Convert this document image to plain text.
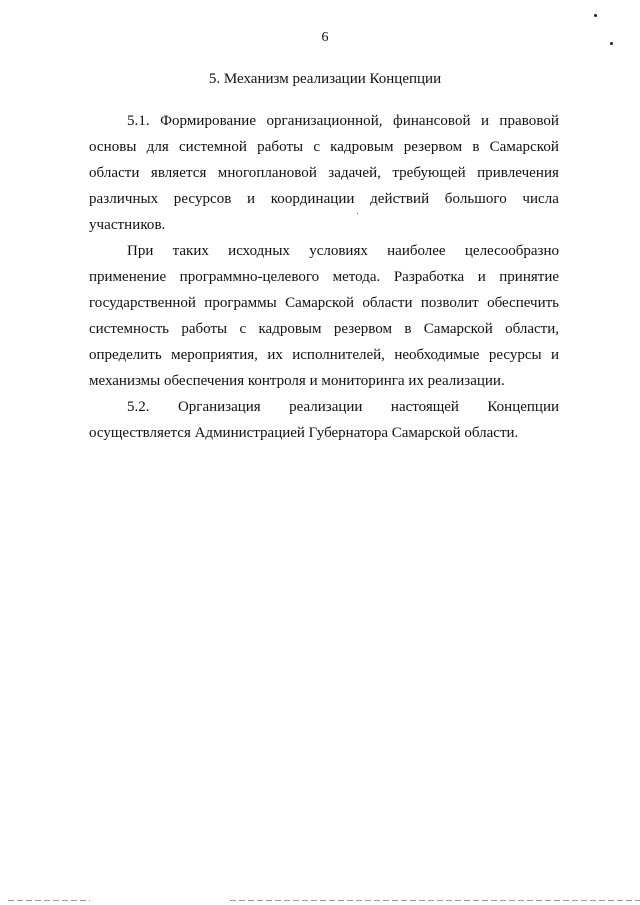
6
5. Механизм реализации Концепции

5.1. Формирование организационной, финансовой и правовой основы для системной работы с кадровым резервом в Самарской области является многоплановой задачей, требующей привлечения различных ресурсов и координации действий большого числа участников.

При таких исходных условиях наиболее целесообразно применение программно-целевого метода. Разработка и принятие государственной программы Самарской области позволит обеспечить системность работы с кадровым резервом в Самарской области, определить мероприятия, их исполнителей, необходимые ресурсы и механизмы обеспечения контроля и мониторинга их реализации.

5.2. Организация реализации настоящей Концепции осуществляется Администрацией Губернатора Самарской области.
